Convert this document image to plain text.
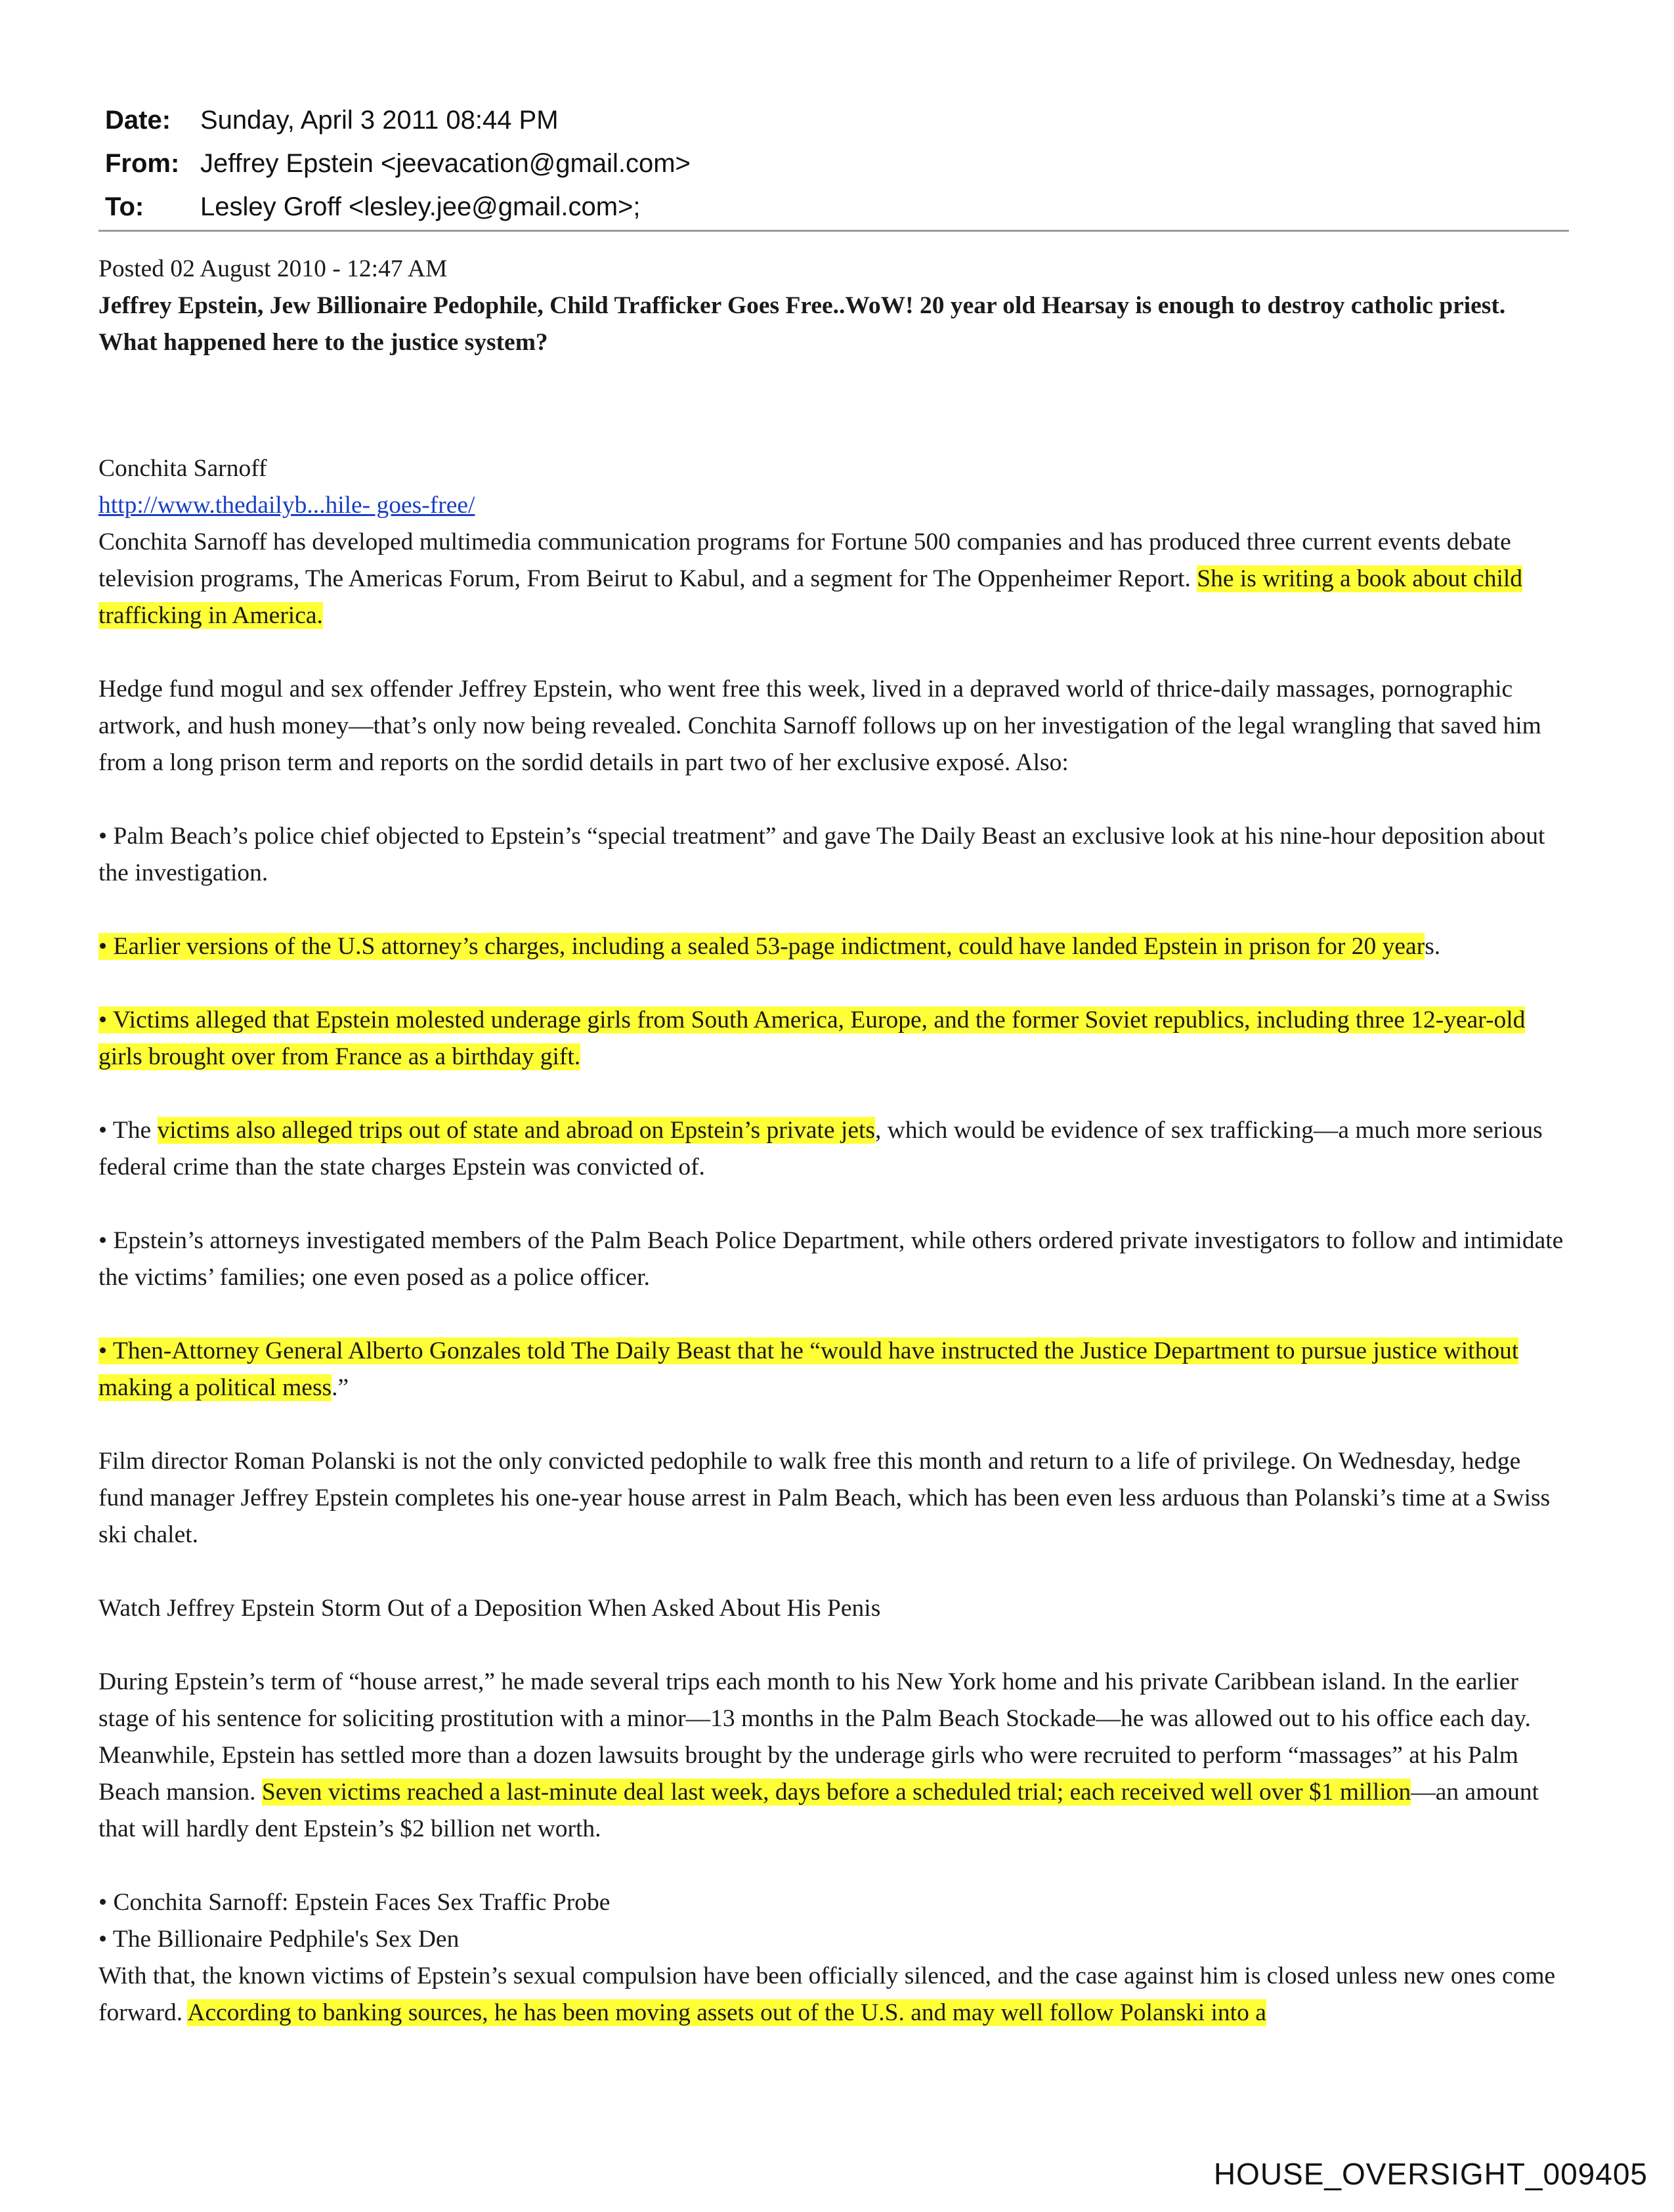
Date:	Sunday, April 3 2011 08:44 PM
From: Jeffrey Epstein <jeevacation@gmail.com>
To:	Lesley Groff <lesley.jee@gmail.com>;

Posted 02 August 2010 - 12:47 AM

Jeffrey Epstein, Jew Billionaire Pedophile, Child Trafficker Goes Free..WoW! 20 year old Hearsay is enough to destroy catholic priest. What happened here to the justice system?

Conchita Sarnoff

http://www.thedailyb...hile- goes-free/

Conchita Sarnoff has developed multimedia communication programs for Fortune 500 companies and has produced three current events debate television programs, The Americas Forum, From Beirut to Kabul, and a segment for The Oppenheimer Report. She is writing a book about child trafficking in America.

Hedge fund mogul and sex offender Jeffrey Epstein, who went free this week, lived in a depraved world of thrice-daily massages, pornographic artwork, and hush money—that’s only now being revealed. Conchita Sarnoff follows up on her investigation of the legal wrangling that saved him from a long prison term and reports on the sordid details in part two of her exclusive exposé. Also:

• Palm Beach’s police chief objected to Epstein’s “special treatment” and gave The Daily Beast an exclusive look at his nine-hour deposition about the investigation.

• Earlier versions of the U.S attorney’s charges, including a sealed 53-page indictment, could have landed Epstein in prison for 20 years.

• Victims alleged that Epstein molested underage girls from South America, Europe, and the former Soviet republics, including three 12-year-old girls brought over from France as a birthday gift.

• The victims also alleged trips out of state and abroad on Epstein’s private jets, which would be evidence of sex trafficking—a much more serious federal crime than the state charges Epstein was convicted of.

• Epstein’s attorneys investigated members of the Palm Beach Police Department, while others ordered private investigators to follow and intimidate the victims’ families; one even posed as a police officer.

• Then-Attorney General Alberto Gonzales told The Daily Beast that he “would have instructed the Justice Department to pursue justice without making a political mess.”

Film director Roman Polanski is not the only convicted pedophile to walk free this month and return to a life of privilege. On Wednesday, hedge fund manager Jeffrey Epstein completes his one-year house arrest in Palm Beach, which has been even less arduous than Polanski’s time at a Swiss ski chalet.

Watch Jeffrey Epstein Storm Out of a Deposition When Asked About His Penis

During Epstein’s term of “house arrest,” he made several trips each month to his New York home and his private Caribbean island. In the earlier stage of his sentence for soliciting prostitution with a minor—13 months in the Palm Beach Stockade—he was allowed out to his office each day. Meanwhile, Epstein has settled more than a dozen lawsuits brought by the underage girls who were recruited to perform “massages” at his Palm Beach mansion. Seven victims reached a last-minute deal last week, days before a scheduled trial; each received well over $1 million—an amount that will hardly dent Epstein’s $2 billion net worth.

• Conchita Sarnoff: Epstein Faces Sex Traffic Probe

• The Billionaire Pedphile's Sex Den

With that, the known victims of Epstein’s sexual compulsion have been officially silenced, and the case against him is closed unless new ones come forward. According to banking sources, he has been moving assets out of the U.S. and may well follow Polanski into a

HOUSE_OVERSIGHT_009405
